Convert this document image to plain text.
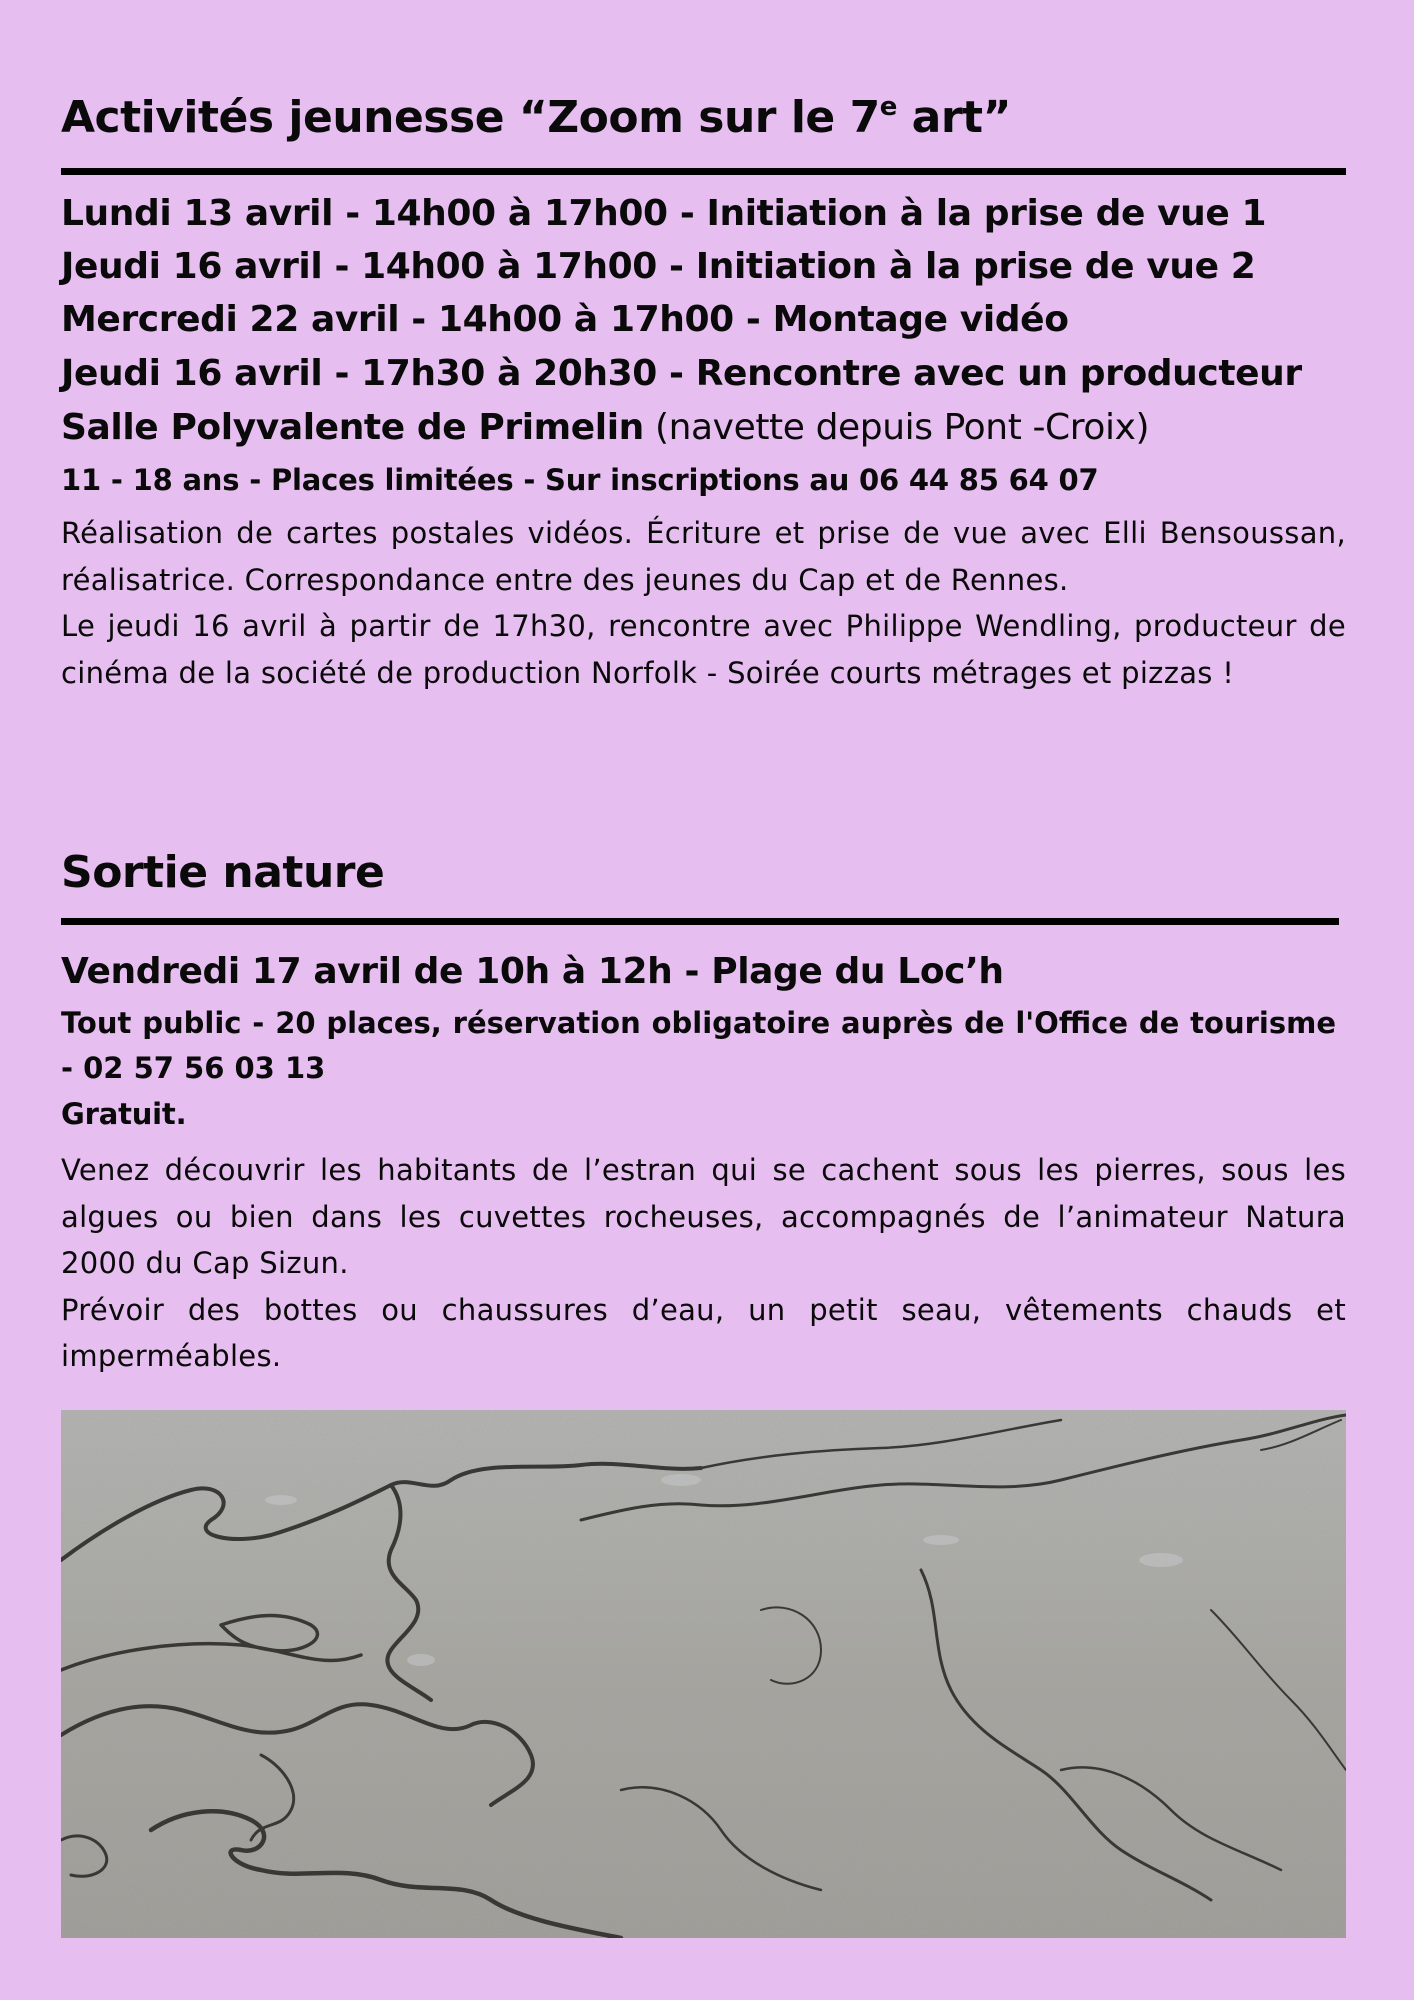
Activités jeunesse “Zoom sur le 7e art”
Lundi 13 avril - 14h00 à 17h00 - Initiation à la prise de vue 1
Jeudi 16 avril - 14h00 à 17h00 - Initiation à la prise de vue 2
Mercredi 22 avril - 14h00 à 17h00 - Montage vidéo
Jeudi 16 avril - 17h30 à 20h30 - Rencontre avec un producteur
Salle Polyvalente de Primelin (navette depuis Pont -Croix)
11 - 18 ans - Places limitées - Sur inscriptions au 06 44 85 64 07

Réalisation de cartes postales vidéos. Écriture et prise de vue avec Elli Bensoussan, réalisatrice. Correspondance entre des jeunes du Cap et de Rennes.

Le jeudi 16 avril à partir de 17h30, rencontre avec Philippe Wendling, producteur de cinéma de la société de production Norfolk - Soirée courts métrages et pizzas !

Sortie nature
Vendredi 17 avril de 10h à 12h - Plage du Loc’h
Tout public - 20 places, réservation obligatoire auprès de l'Office de tourisme - 02 57 56 03 13
Gratuit.

Venez découvrir les habitants de l’estran qui se cachent sous les pierres, sous les algues ou bien dans les cuvettes rocheuses, accompagnés de l’animateur Natura 2000 du Cap Sizun.

Prévoir des bottes ou chaussures d’eau, un petit seau, vêtements chauds et imperméables.
